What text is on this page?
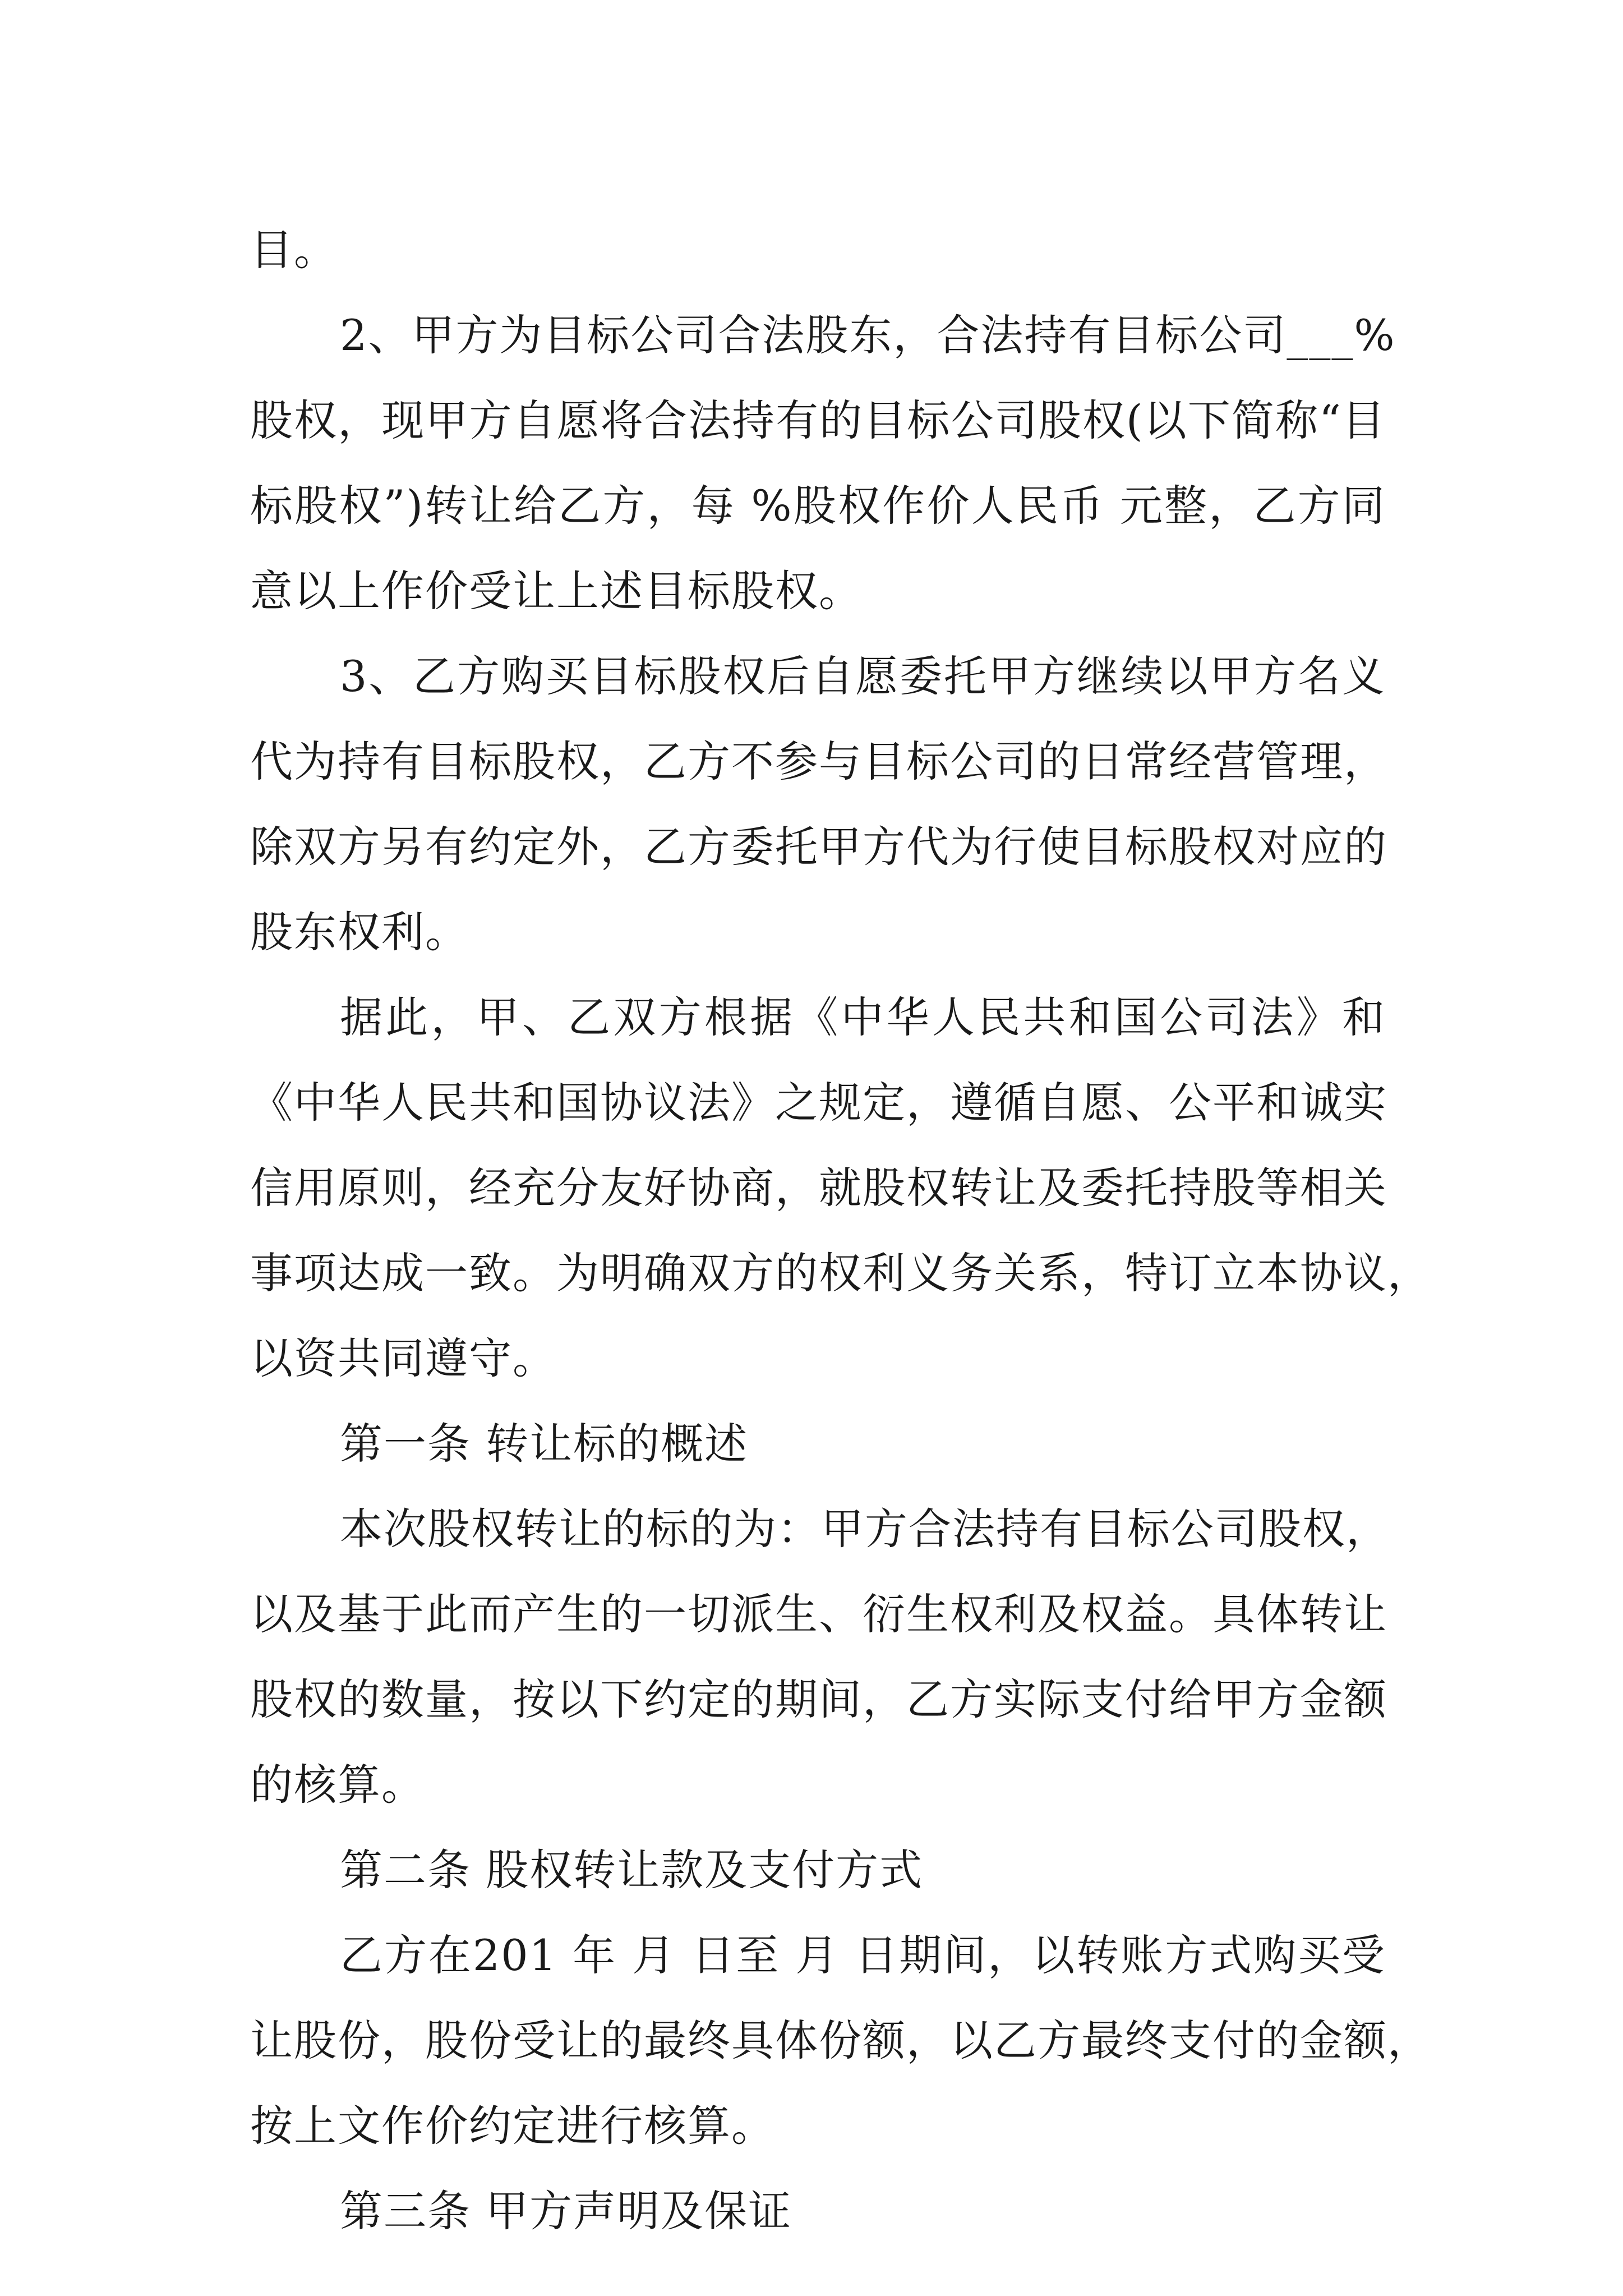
目。
2、甲方为目标公司合法股东，合法持有目标公司___%
股权，现甲方自愿将合法持有的目标公司股权(以下简称“目
标股权”)转让给乙方，每 %股权作价人民币 元整，乙方同
意以上作价受让上述目标股权。
3、乙方购买目标股权后自愿委托甲方继续以甲方名义
代为持有目标股权，乙方不参与目标公司的日常经营管理，
除双方另有约定外，乙方委托甲方代为行使目标股权对应的
股东权利。
据此，甲、乙双方根据《中华人民共和国公司法》和
《中华人民共和国协议法》之规定，遵循自愿、公平和诚实
信用原则，经充分友好协商，就股权转让及委托持股等相关
事项达成一致。为明确双方的权利义务关系，特订立本协议，
以资共同遵守。
第一条 转让标的概述
本次股权转让的标的为：甲方合法持有目标公司股权，
以及基于此而产生的一切派生、衍生权利及权益。具体转让
股权的数量，按以下约定的期间，乙方实际支付给甲方金额
的核算。
第二条 股权转让款及支付方式
乙方在201 年 月 日至 月 日期间，以转账方式购买受
让股份，股份受让的最终具体份额，以乙方最终支付的金额，
按上文作价约定进行核算。
第三条 甲方声明及保证
